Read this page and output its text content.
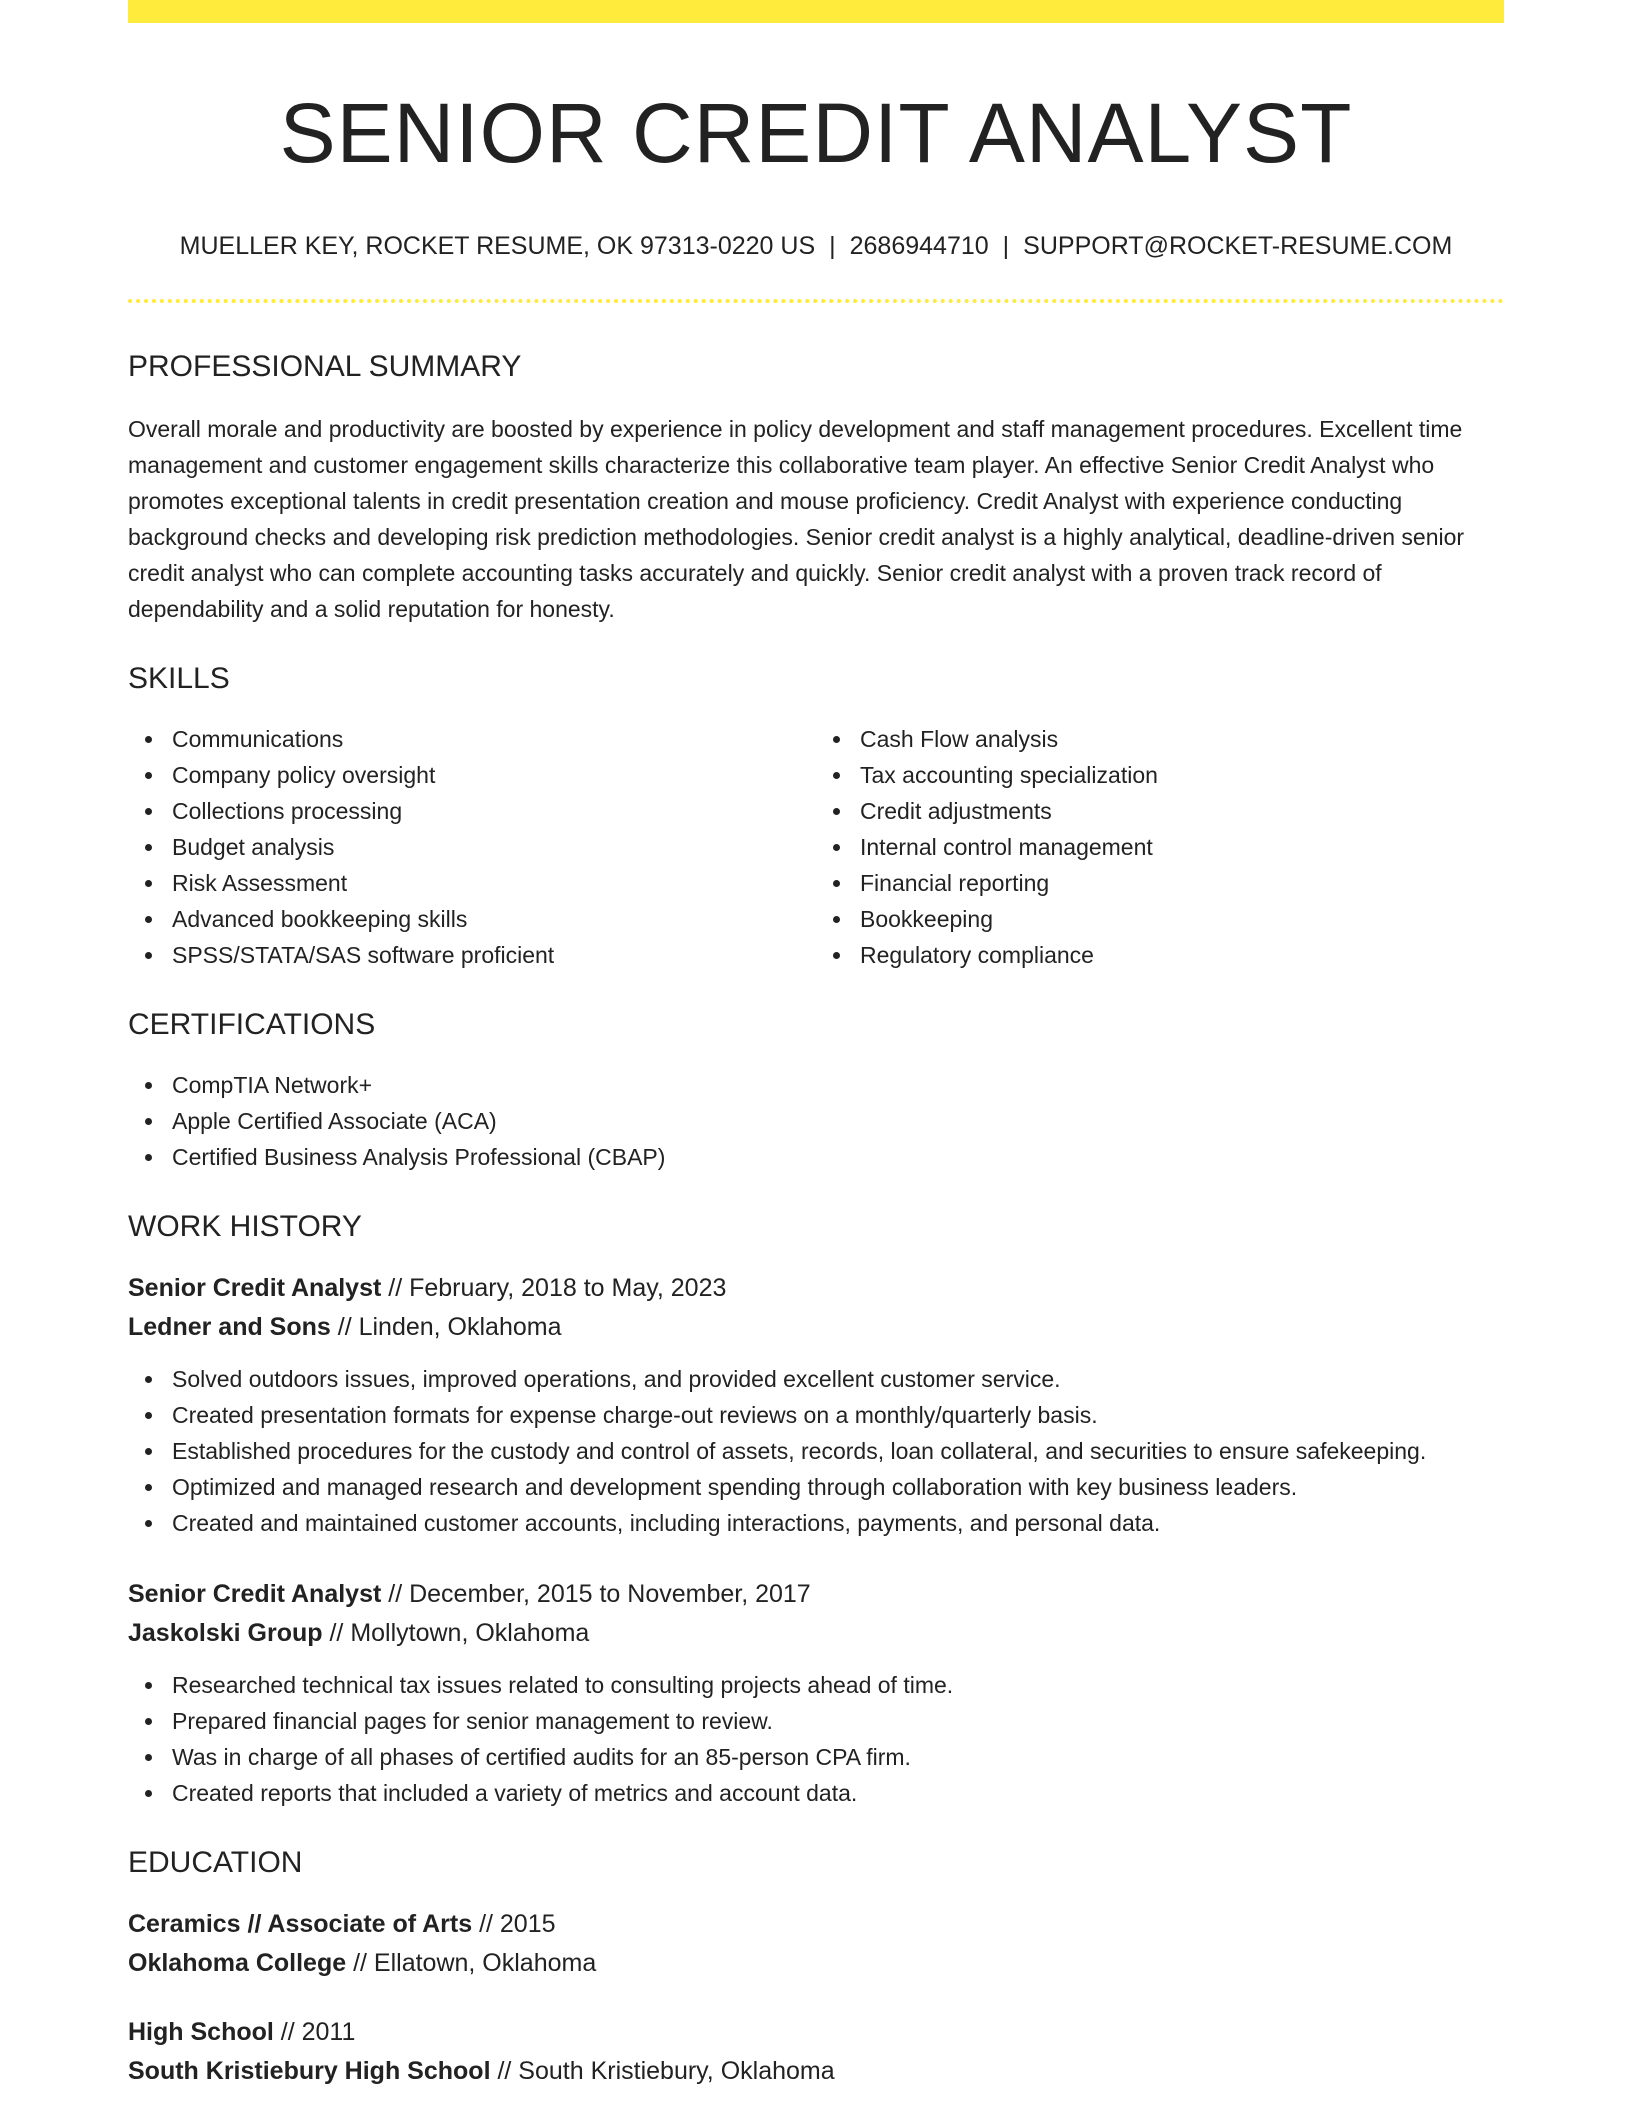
SENIOR CREDIT ANALYST
MUELLER KEY, ROCKET RESUME, OK 97313-0220 US | 2686944710 | SUPPORT@ROCKET-RESUME.COM
PROFESSIONAL SUMMARY

Overall morale and productivity are boosted by experience in policy development and staff management procedures. Excellent time management and customer engagement skills characterize this collaborative team player. An effective Senior Credit Analyst who promotes exceptional talents in credit presentation creation and mouse proficiency. Credit Analyst with experience conducting background checks and developing risk prediction methodologies. Senior credit analyst is a highly analytical, deadline-driven senior credit analyst who can complete accounting tasks accurately and quickly. Senior credit analyst with a proven track record of dependability and a solid reputation for honesty.

SKILLS
Communications
Company policy oversight
Collections processing
Budget analysis
Risk Assessment
Advanced bookkeeping skills
SPSS/STATA/SAS software proficient
Cash Flow analysis
Tax accounting specialization
Credit adjustments
Internal control management
Financial reporting
Bookkeeping
Regulatory compliance
CERTIFICATIONS
CompTIA Network+
Apple Certified Associate (ACA)
Certified Business Analysis Professional (CBAP)
WORK HISTORY
Senior Credit Analyst // February, 2018 to May, 2023
Ledner and Sons // Linden, Oklahoma
Solved outdoors issues, improved operations, and provided excellent customer service.
Created presentation formats for expense charge-out reviews on a monthly/quarterly basis.
Established procedures for the custody and control of assets, records, loan collateral, and securities to ensure safekeeping.
Optimized and managed research and development spending through collaboration with key business leaders.
Created and maintained customer accounts, including interactions, payments, and personal data.
Senior Credit Analyst // December, 2015 to November, 2017
Jaskolski Group // Mollytown, Oklahoma
Researched technical tax issues related to consulting projects ahead of time.
Prepared financial pages for senior management to review.
Was in charge of all phases of certified audits for an 85-person CPA firm.
Created reports that included a variety of metrics and account data.
EDUCATION
Ceramics // Associate of Arts // 2015
Oklahoma College // Ellatown, Oklahoma
High School // 2011
South Kristiebury High School // South Kristiebury, Oklahoma
